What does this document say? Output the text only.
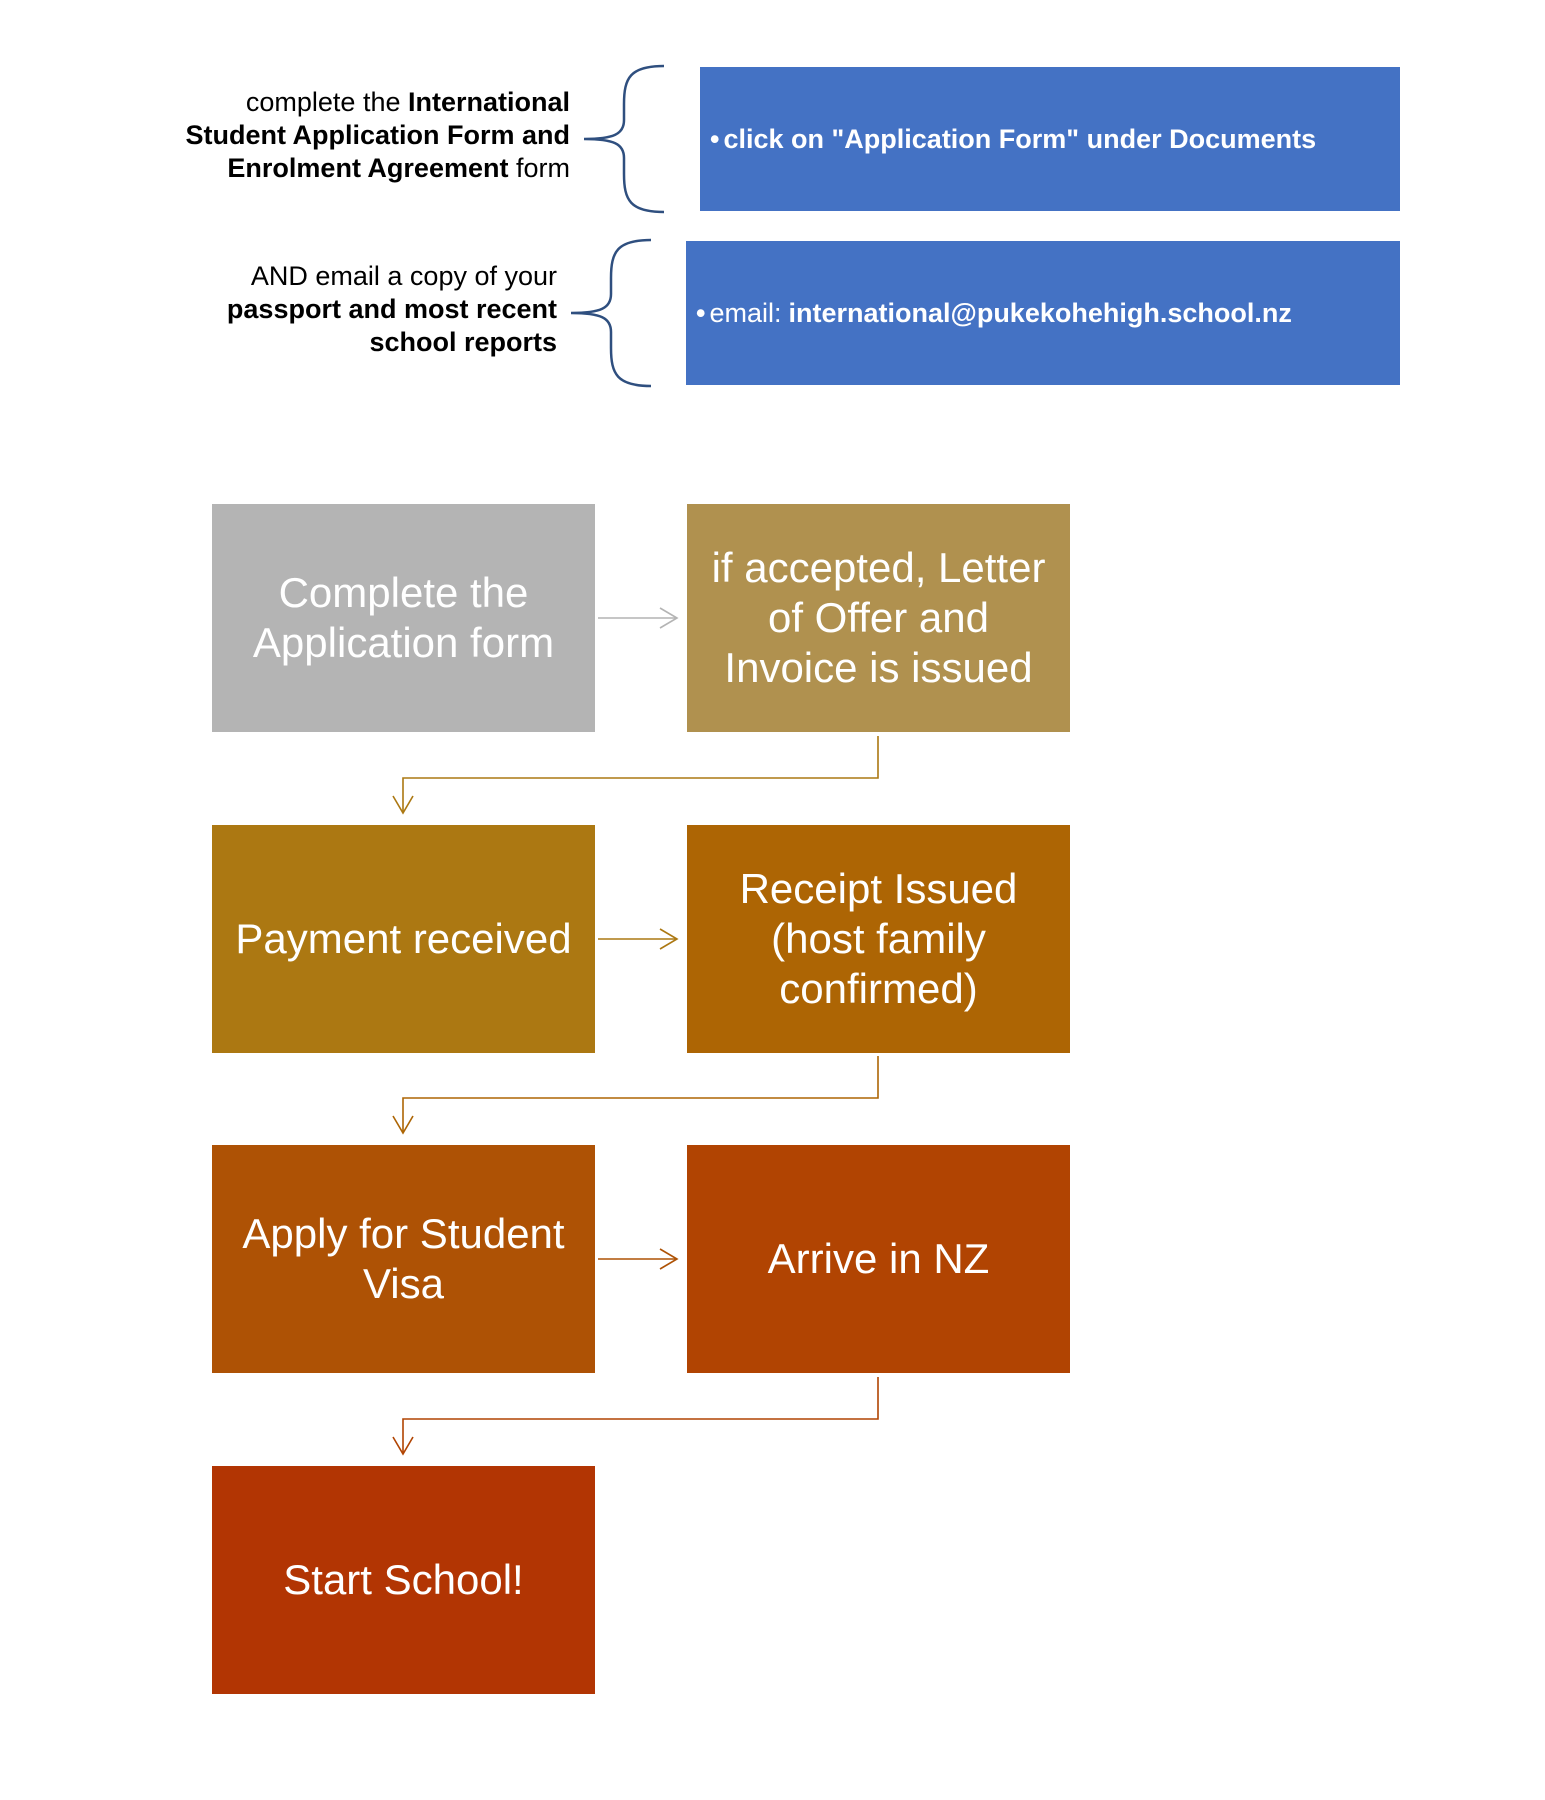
complete the International Student Application Form and Enrolment Agreement form
• click on "Application Form" under Documents
AND email a copy of your
passport and most recent school reports
• email: international@pukekohehigh.school.nz
Complete the Application form
if accepted, Letter of Offer and Invoice is issued
Payment received
Receipt Issued (host family confirmed)
Apply for Student Visa
Arrive in NZ
Start School!
